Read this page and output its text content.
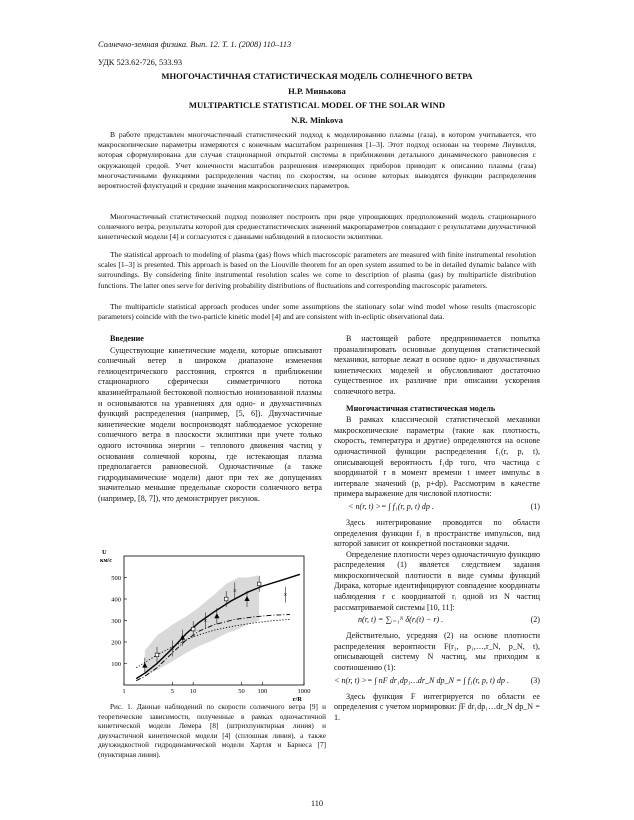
Солнечно-земная физика. Вып. 12. Т. 1. (2008) 110–113
УДК 523.62-726, 533.93
МНОГОЧАСТИЧНАЯ СТАТИСТИЧЕСКАЯ МОДЕЛЬ СОЛНЕЧНОГО ВЕТРА
Н.Р. Минькова
MULTIPARTICLE STATISTICAL MODEL OF THE SOLAR WIND
N.R. Minkova

В работе представлен многочастичный статистический подход к моделированию плазмы (газа), в котором учитывается, что макроскопические параметры измеряются с конечным масштабом разрешения [1–3]. Этот подход основан на теореме Лиувилля, которая сформулирована для случая стационарной открытой системы в приближении детального динамического равновесия с окружающей средой. Учет конечности масштабов разрешения измеряющих приборов приводит к описанию плазмы (газа) многочастичными функциями распределения частиц по скоростям, на основе которых выводятся функции распределения вероятностей флуктуаций и средние значения макроскопических параметров.

Многочастичный статистический подход позволяет построить при ряде упрощающих предположений модель стационарного солнечного ветра, результаты которой для среднестатистических значений макропараметров совпадают с результатами двухчастичной кинетической модели [4] и согласуются с данными наблюдений в плоскости эклиптики.

The statistical approach to modeling of plasma (gas) flows which macroscopic parameters are measured with finite instrumental resolution scales [1–3] is presented. This approach is based on the Liouville theorem for an open system assumed to be in detailed dynamic balance with surroundings. By considering finite instrumental resolution scales we come to description of plasma (gas) by multiparticle distribution functions. The latter ones serve for deriving probability distributions of fluctuations and corresponding macroscopic parameters.

The multiparticle statistical approach produces under some assumptions the stationary solar wind model whose results (macroscopic parameters) coincide with the two-particle kinetic model [4] and are consistent with in-ecliptic observational data.

Введение

Существующие кинетические модели, которые описывают солнечный ветер в широком диапазоне изменения гелиоцентрического расстояния, строятся в приближении стационарного сферически симметричного потока квазинейтральной бестоковой полностью ионизованной плазмы и основываются на уравнениях для одно- и двухчастичных функций распределения (например, [5, 6]). Двухчастичные кинетические модели воспроизводят наблюдаемое ускорение солнечного ветра в плоскости эклиптики при учете только одного источника энергии – теплового движения частиц у основания солнечной короны, где истекающая плазма предполагается равновесной. Одночастичные (а также гидродинамические модели) дают при тех же допущениях значительно меньшие предельные скорости солнечного ветра (например, [8, 7]), что демонстрирует рисунок.

100
200
300
400
500
1	5 10	50 100	1000
U
км/с
r/R
×
×
×
×
Рис. 1. Данные наблюдений по скорости солнечного ветра [9] и теоретические зависимости, полученные в рамках одночастичной кинетической модели Лемера [8] (штрихпунктирная линия) и двухчастичной кинетической модели [4] (сплошная линия), а также двухжидкостной гидродинамической модели Хартля и Барнеса [7] (пунктирная линия).

В настоящей работе предпринимается попытка проанализировать основные допущения статистической механики, которые лежат в основе одно- и двухчастичных кинетических моделей и обусловливают достаточно существенное их различие при описании ускорения солнечного ветра.

Многочастичная статистическая модель

В рамках классической статистической механики макроскопические параметры (такие как плотность, скорость, температура и другие) определяются на основе одночастичной функции распределения f₁(r, p, t), описывающей вероятность f₁dp того, что частица с координатой r в момент времени t имеет импульс в интервале значений (p, p+dp). Рассмотрим в качестве примера выражение для числовой плотности:

< n(r, t) >= ∫ f₁(r, p, t) dp .	(1)

Здесь интегрирование проводится по области определения функции f₁ в пространстве импульсов, вид которой зависит от конкретной постановки задачи.

Определение плотности через одночастичную функцию распределения (1) является следствием задания микроскопической плотности в виде суммы функций Дирака, которые идентифицируют совпадение координаты наблюдения r с координатой rᵢ одной из N частиц рассматриваемой системы [10, 11]:

n(r, t) = ∑ᵢ₌₁ᴺ δ(rᵢ(t) − r) .	(2)

Действительно, усредняя (2) на основе плотности распределения вероятности F(r₁, p₁,…,r_N, p_N, t), описывающей систему N частиц, мы приходим к соотношению (1):

< n(r, t) >= ∫ nF dr₁dp₁…dr_N dp_N = ∫ f₁(r, p, t) dp .	(3)

Здесь функция F интегрируется по области ее определения с учетом нормировки: ∫F dr₁dp₁…dr_N dp_N = 1.

110
